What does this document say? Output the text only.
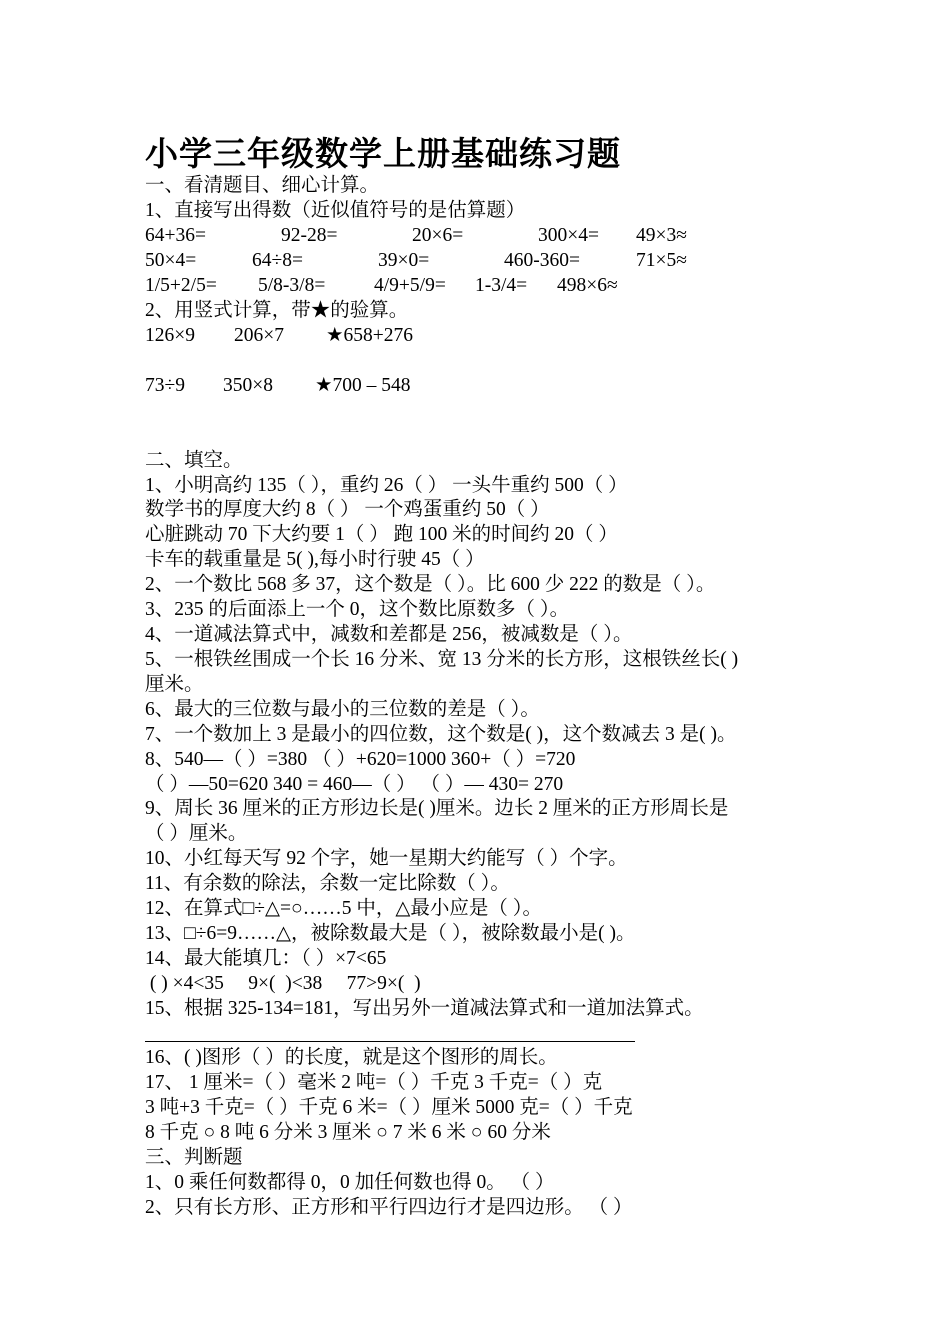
小学三年级数学上册基础练习题
一、看清题目、细心计算。
1、直接写出得数（近似值符号的是估算题）
64+36=	92-28=	20×6=	300×4= 49×3≈
50×4=	64÷8=	39×0=	460-360=	71×5≈
1/5+2/5= 5/8-3/8= 4/9+5/9= 1-3/4= 498×6≈
2、用竖式计算，带★的验算。
126×9 206×7 ★658+276
73÷9 350×8 ★700 – 548
二、填空。
1、小明高约 135（ ），重约 26（ ） 一头牛重约 500（ ）
数学书的厚度大约 8（ ） 一个鸡蛋重约 50（ ）
心脏跳动 70 下大约要 1（ ） 跑 100 米的时间约 20（ ）
卡车的载重量是 5( ),每小时行驶 45（ ）
2、一个数比 568 多 37，这个数是（ ）。比 600 少 222 的数是（ ）。
3、235 的后面添上一个 0，这个数比原数多（ ）。
4、一道减法算式中，减数和差都是 256，被减数是（ ）。
5、一根铁丝围成一个长 16 分米、宽 13 分米的长方形，这根铁丝长( )
厘米。
6、最大的三位数与最小的三位数的差是（ ）。
7、一个数加上 3 是最小的四位数，这个数是( )，这个数减去 3 是( )。
8、540—（ ）=380 （ ）+620=1000 360+（ ）=720
（ ）—50=620 340 = 460—（ ） （ ）— 430= 270
9、周长 36 厘米的正方形边长是( )厘米。边长 2 厘米的正方形周长是
（ ）厘米。
10、小红每天写 92 个字，她一星期大约能写（ ）个字。
11、有余数的除法，余数一定比除数（ ）。
12、在算式□÷△=○……5 中，△最小应是（ ）。
13、□÷6=9……△，被除数最大是（ ），被除数最小是( )。
14、最大能填几：（ ）×7<65
( ) ×4<35     9×(  )<38     77>9×(  )
15、根据 325-134=181，写出另外一道减法算式和一道加法算式。
16、( )图形（ ）的长度，就是这个图形的周长。
17、 1 厘米=（ ）毫米 2 吨=（ ）千克 3 千克=（ ）克
3 吨+3 千克=（ ）千克 6 米=（ ）厘米 5000 克=（ ）千克
8 千克 ○ 8 吨 6 分米 3 厘米 ○ 7 米 6 米 ○ 60 分米
三、判断题
1、0 乘任何数都得 0，0 加任何数也得 0。 （ ）
2、只有长方形、正方形和平行四边行才是四边形。 （ ）
